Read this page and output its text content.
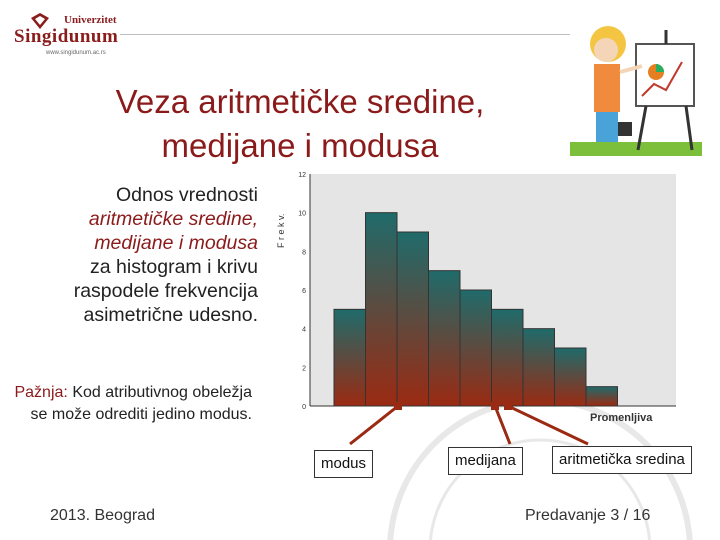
Univerzitet
Singidunum
www.singidunum.ac.rs
Veza aritmetičke sredine,
medijane i modusa
Odnos vrednosti
aritmetičke sredine,
medijane i modusa
za histogram i krivu raspodele frekvencija asimetrične udesno.
Pažnja: Kod atributivnog obeležja se može odrediti jedino modus.	0
2
4
6
8
10
12
F r e k v.
Promenljiva
modus	medijana	aritmetička sredina
2013. Beograd	Predavanje 3 / 16
